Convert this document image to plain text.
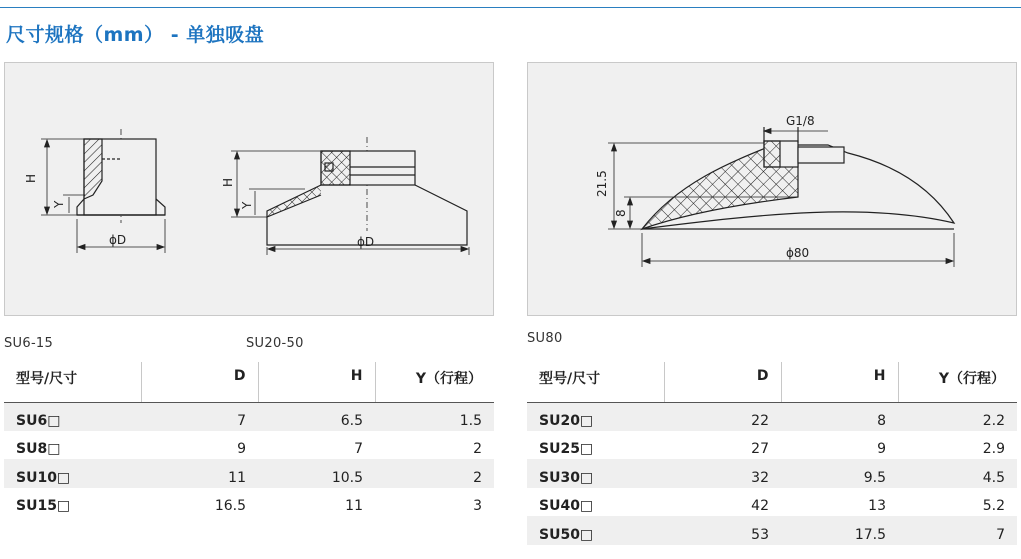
尺寸规格（mm） - 单独吸盘
H
Y
ϕD
H
Y
ϕD
G1/8
21.5
8
ϕ80
SU6-15	SU20-50	SU80
型号/尺寸	D	H	Y（行程）
SU6□	7	6.5	1.5
SU8□	9	7	2
SU10□	11	10.5	2
SU15□	16.5	11	3
型号/尺寸	D	H	Y（行程）
SU20□	22	8	2.2
SU25□	27	9	2.9
SU30□	32	9.5	4.5
SU40□	42	13	5.2
SU50□	53	17.5	7
